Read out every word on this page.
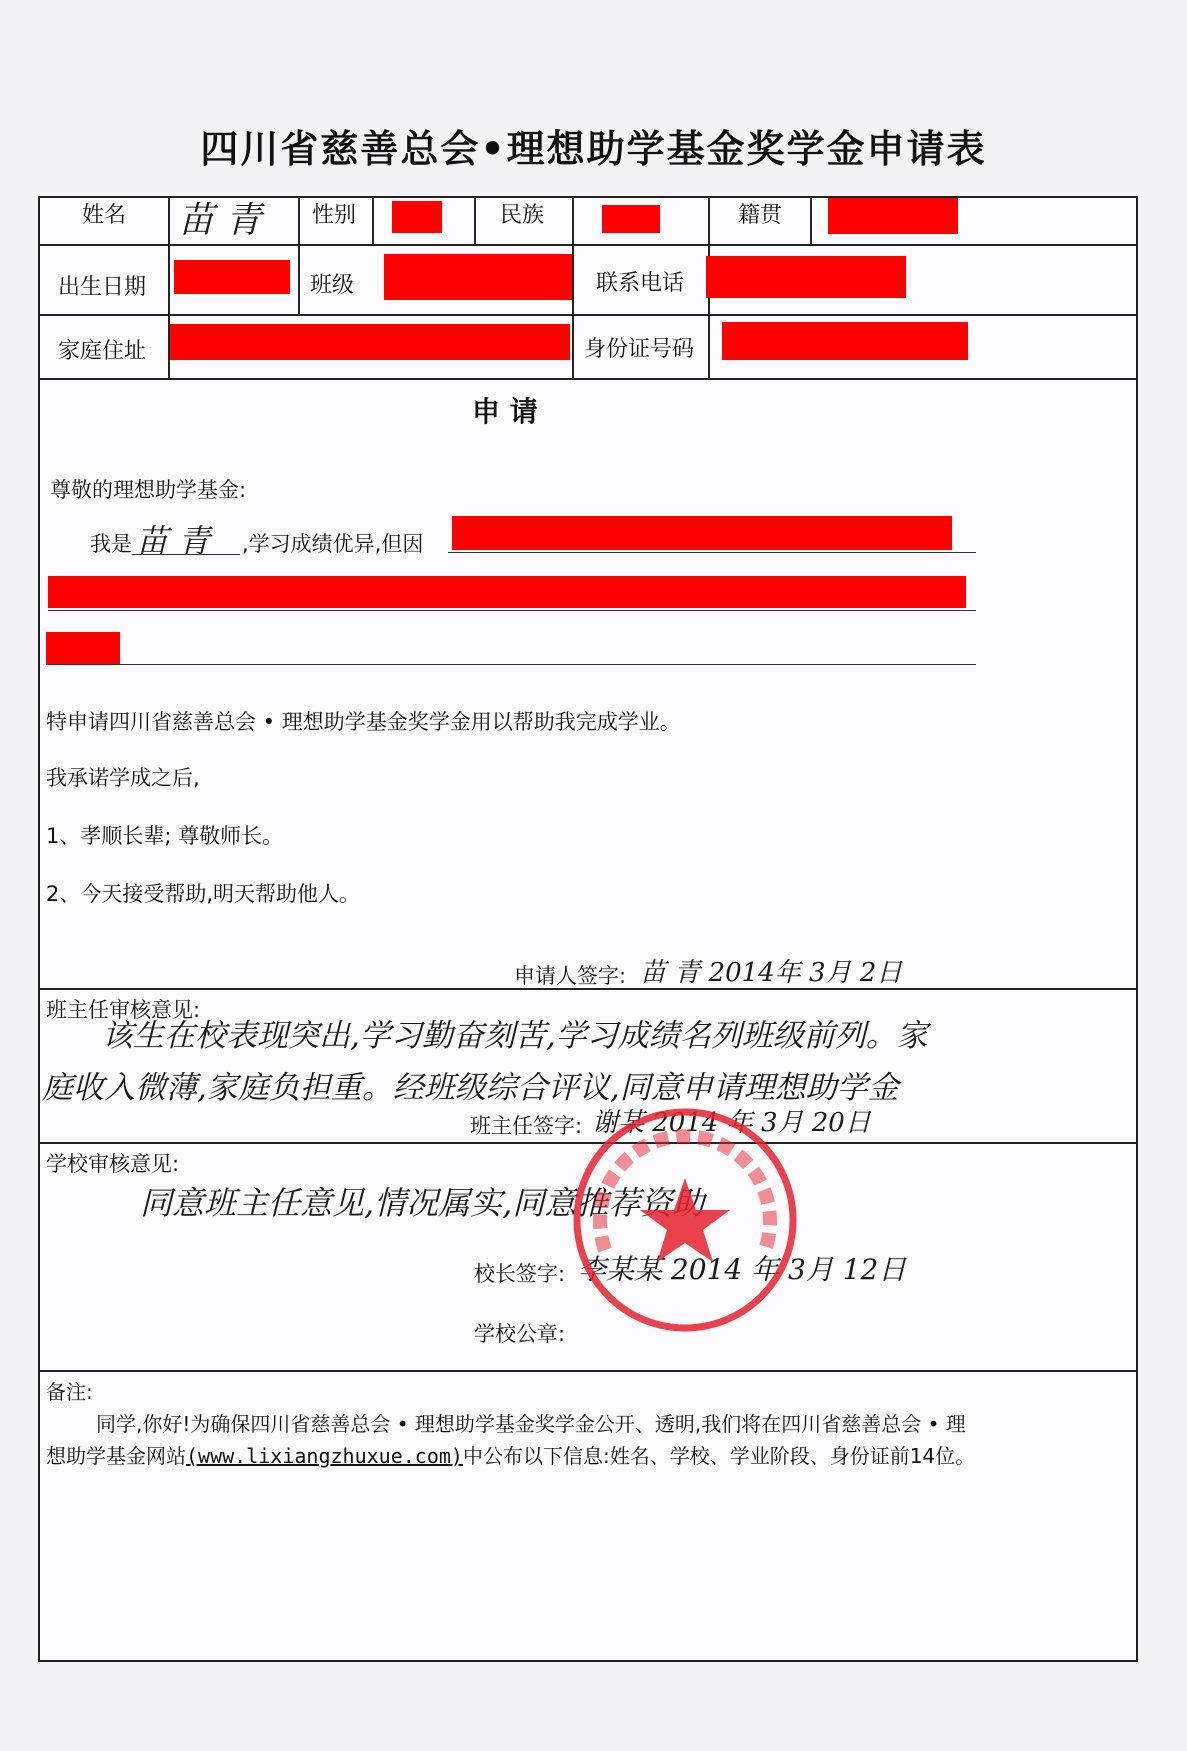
四川省慈善总会•理想助学基金奖学金申请表
姓名 苗 青 性别	民族	籍贯
出生日期	班级	联系电话
家庭住址	身份证号码
申 请
尊敬的理想助学基金:
我是 苗 青 ,学习成绩优异,但因
特申请四川省慈善总会 • 理想助学基金奖学金用以帮助我完成学业。
我承诺学成之后,
1、孝顺长辈; 尊敬师长。
2、今天接受帮助,明天帮助他人。
申请人签字: 苗 青 2014年 3月 2日
班主任审核意见:
该生在校表现突出,学习勤奋刻苦,学习成绩名列班级前列。家
庭收入微薄,家庭负担重。经班级综合评议,同意申请理想助学金
班主任签字: 谢某 2014 年 3月 20日
学校审核意见:
同意班主任意见,情况属实,同意推荐资助
校长签字: 李某某 2014 年 3月 12日
学校公章:
备注:
同学,你好!为确保四川省慈善总会 • 理想助学基金奖学金公开、透明,我们将在四川省慈善总会 • 理
想助学基金网站(www.lixiangzhuxue.com)中公布以下信息:姓名、学校、学业阶段、身份证前14位。
